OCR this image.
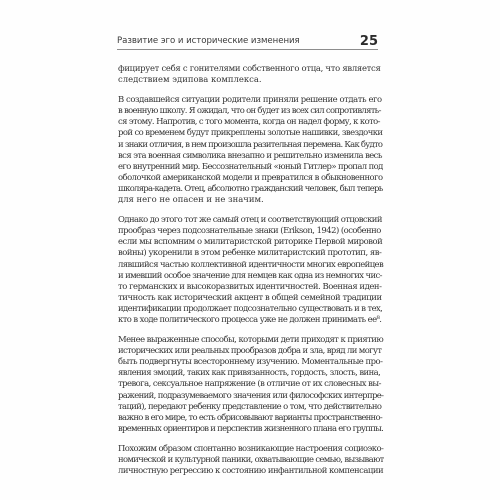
Развитие эго и исторические изменения	25
фицирует себя с гонителями собственного отца, что является
следствием эдипова комплекса.
В создавшейся ситуации родители приняли решение отдать его
в военную школу. Я ожидал, что он будет из всех сил сопротивлять-
ся этому. Напротив, с того момента, когда он надел форму, к кото-
рой со временем будут прикреплены золотые нашивки, звездочки
и знаки отличия, в нем произошла разительная перемена. Как будто
вся эта военная символика внезапно и решительно изменила весь
его внутренний мир. Бессознательный «юный Гитлер» пропал под
оболочкой американской модели и превратился в обыкновенного
школяра-кадета. Отец, абсолютно гражданский человек, был теперь
для него не опасен и не значим.
Однако до этого тот же самый отец и соответствующий отцовский
прообраз через подсознательные знаки (Erikson, 1942) (особенно
если мы вспомним о милитаристской риторике Первой мировой
войны) укоренили в этом ребенке милитаристский прототип, яв-
лявшийся частью коллективной идентичности многих европейцев
и имевший особое значение для немцев как одна из немногих чис-
то германских и высокоразвитых идентичностей. Военная иден-
тичность как исторический акцент в общей семейной традиции
идентификации продолжает подсознательно существовать и в тех,
кто в ходе политического процесса уже не должен принимать ее⁸.
Менее выраженные способы, которыми дети приходят к приятию
исторических или реальных прообразов добра и зла, вряд ли могут
быть подвергнуты всестороннему изучению. Моментальные про-
явления эмоций, таких как привязанность, гордость, злость, вина,
тревога, сексуальное напряжение (в отличие от их словесных вы-
ражений, подразумеваемого значения или философских интерпре-
таций), передают ребенку представление о том, что действительно
важно в его мире, то есть обрисовывают варианты пространственно-
временных ориентиров и перспектив жизненного плана его группы.
Похожим образом спонтанно возникающие настроения социоэко-
номической и культурной паники, охватывающие семью, вызывают
личностную регрессию к состоянию инфантильной компенсации
